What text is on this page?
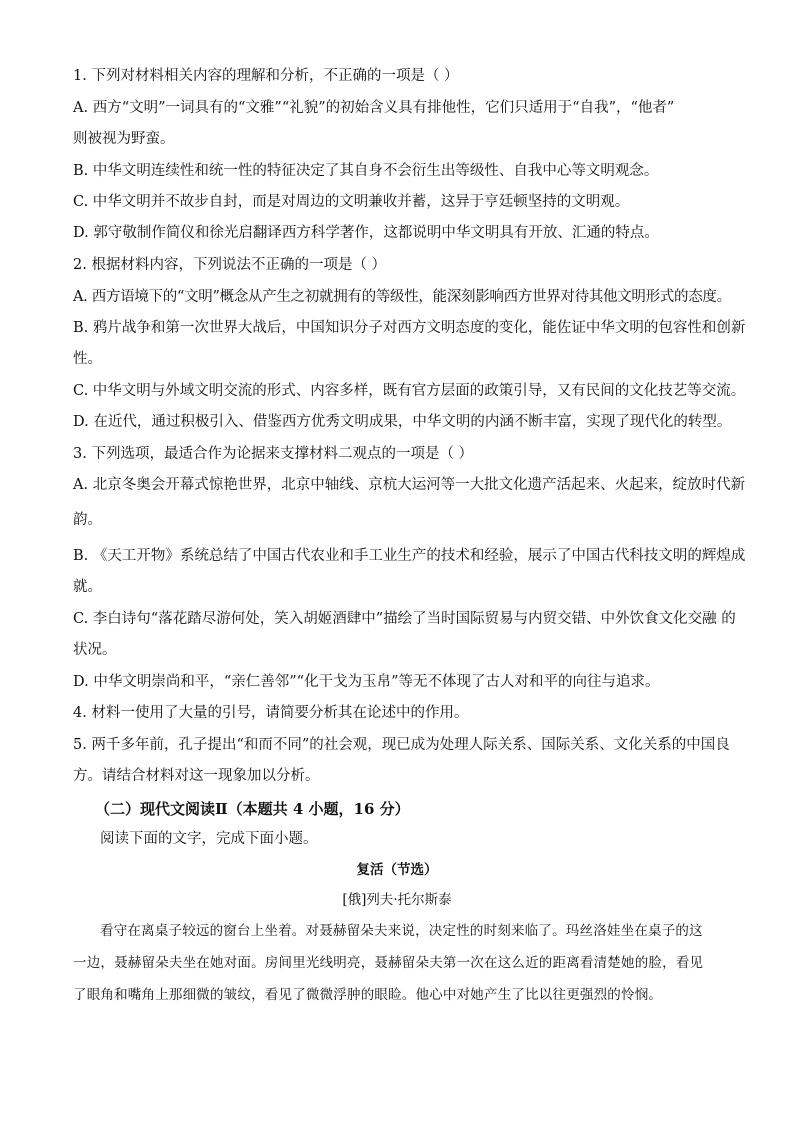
1. 下列对材料相关内容的理解和分析，不正确的一项是（ ）
A. 西方“文明”一词具有的“文雅”“礼貌”的初始含义具有排他性，它们只适用于“自我”，“他者”
则被视为野蛮。
B. 中华文明连续性和统一性的特征决定了其自身不会衍生出等级性、自我中心等文明观念。
C. 中华文明并不故步自封，而是对周边的文明兼收并蓄，这异于亨廷顿坚持的文明观。
D. 郭守敬制作简仪和徐光启翻译西方科学著作，这都说明中华文明具有开放、汇通的特点。
2. 根据材料内容，下列说法不正确的一项是（ ）
A. 西方语境下的“文明”概念从产生之初就拥有的等级性，能深刻影响西方世界对待其他文明形式的态度。
B. 鸦片战争和第一次世界大战后，中国知识分子对西方文明态度的变化，能佐证中华文明的包容性和创新
性。
C. 中华文明与外域文明交流的形式、内容多样，既有官方层面的政策引导，又有民间的文化技艺等交流。
D. 在近代，通过积极引入、借鉴西方优秀文明成果，中华文明的内涵不断丰富，实现了现代化的转型。
3. 下列选项，最适合作为论据来支撑材料二观点的一项是（ ）
A. 北京冬奥会开幕式惊艳世界，北京中轴线、京杭大运河等一大批文化遗产活起来、火起来，绽放时代新
韵。
B. 《天工开物》系统总结了中国古代农业和手工业生产的技术和经验，展示了中国古代科技文明的辉煌成
就。
C. 李白诗句“落花踏尽游何处，笑入胡姬酒肆中”描绘了当时国际贸易与内贸交错、中外饮食文化交融 的
状况。
D. 中华文明崇尚和平，“亲仁善邻”“化干戈为玉帛”等无不体现了古人对和平的向往与追求。
4. 材料一使用了大量的引号，请简要分析其在论述中的作用。
5. 两千多年前，孔子提出“和而不同”的社会观，现已成为处理人际关系、国际关系、文化关系的中国良
方。请结合材料对这一现象加以分析。
（二）现代文阅读Ⅱ（本题共 4 小题，16 分）
阅读下面的文字，完成下面小题。
复活（节选）
[俄]列夫·托尔斯泰
看守在离桌子较远的窗台上坐着。对聂赫留朵夫来说，决定性的时刻来临了。玛丝洛娃坐在桌子的这
一边，聂赫留朵夫坐在她对面。房间里光线明亮，聂赫留朵夫第一次在这么近的距离看清楚她的脸，看见
了眼角和嘴角上那细微的皱纹，看见了微微浮肿的眼睑。他心中对她产生了比以往更强烈的怜悯。
